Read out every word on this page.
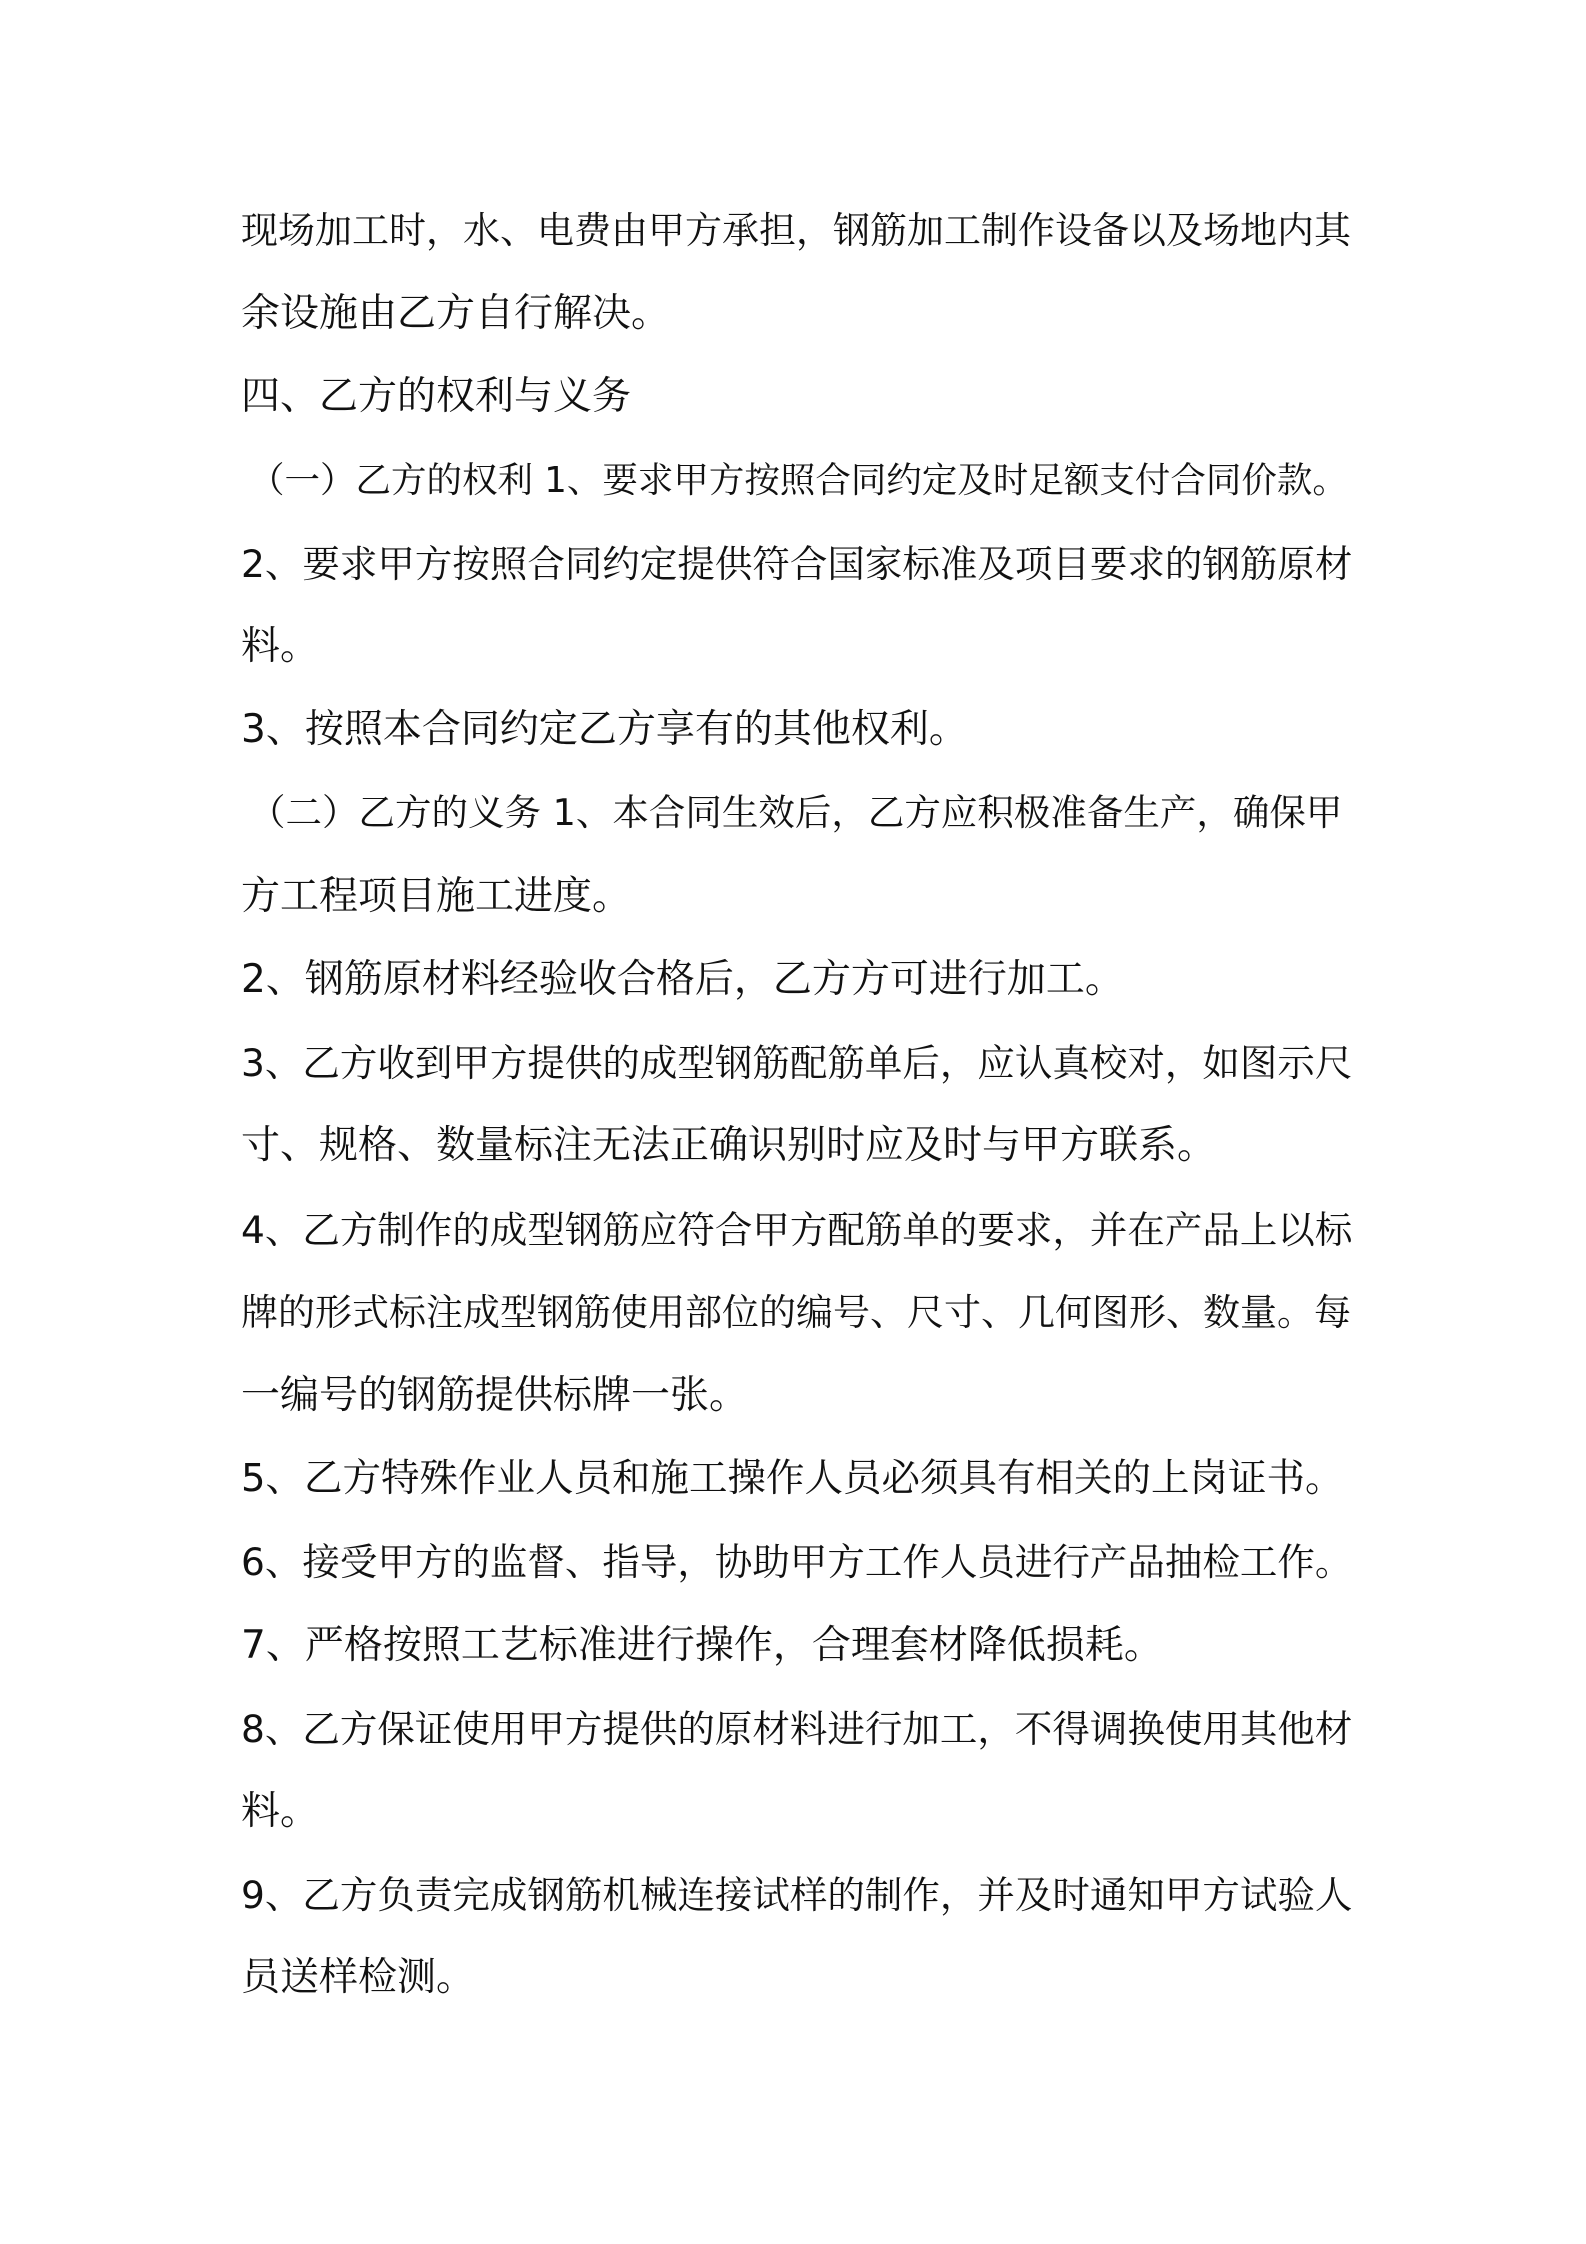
现场加工时，水、电费由甲方承担，钢筋加工制作设备以及场地内其

余设施由乙方自行解决。

四、乙方的权利与义务

（一）乙方的权利 1、要求甲方按照合同约定及时足额支付合同价款。

2、要求甲方按照合同约定提供符合国家标准及项目要求的钢筋原材

料。

3、按照本合同约定乙方享有的其他权利。

（二）乙方的义务 1、本合同生效后，乙方应积极准备生产，确保甲

方工程项目施工进度。

2、钢筋原材料经验收合格后，乙方方可进行加工。

3、乙方收到甲方提供的成型钢筋配筋单后，应认真校对，如图示尺

寸、规格、数量标注无法正确识别时应及时与甲方联系。

4、乙方制作的成型钢筋应符合甲方配筋单的要求，并在产品上以标

牌的形式标注成型钢筋使用部位的编号、尺寸、几何图形、数量。每

一编号的钢筋提供标牌一张。

5、乙方特殊作业人员和施工操作人员必须具有相关的上岗证书。

6、接受甲方的监督、指导，协助甲方工作人员进行产品抽检工作。

7、严格按照工艺标准进行操作，合理套材降低损耗。

8、乙方保证使用甲方提供的原材料进行加工，不得调换使用其他材

料。

9、乙方负责完成钢筋机械连接试样的制作，并及时通知甲方试验人

员送样检测。
